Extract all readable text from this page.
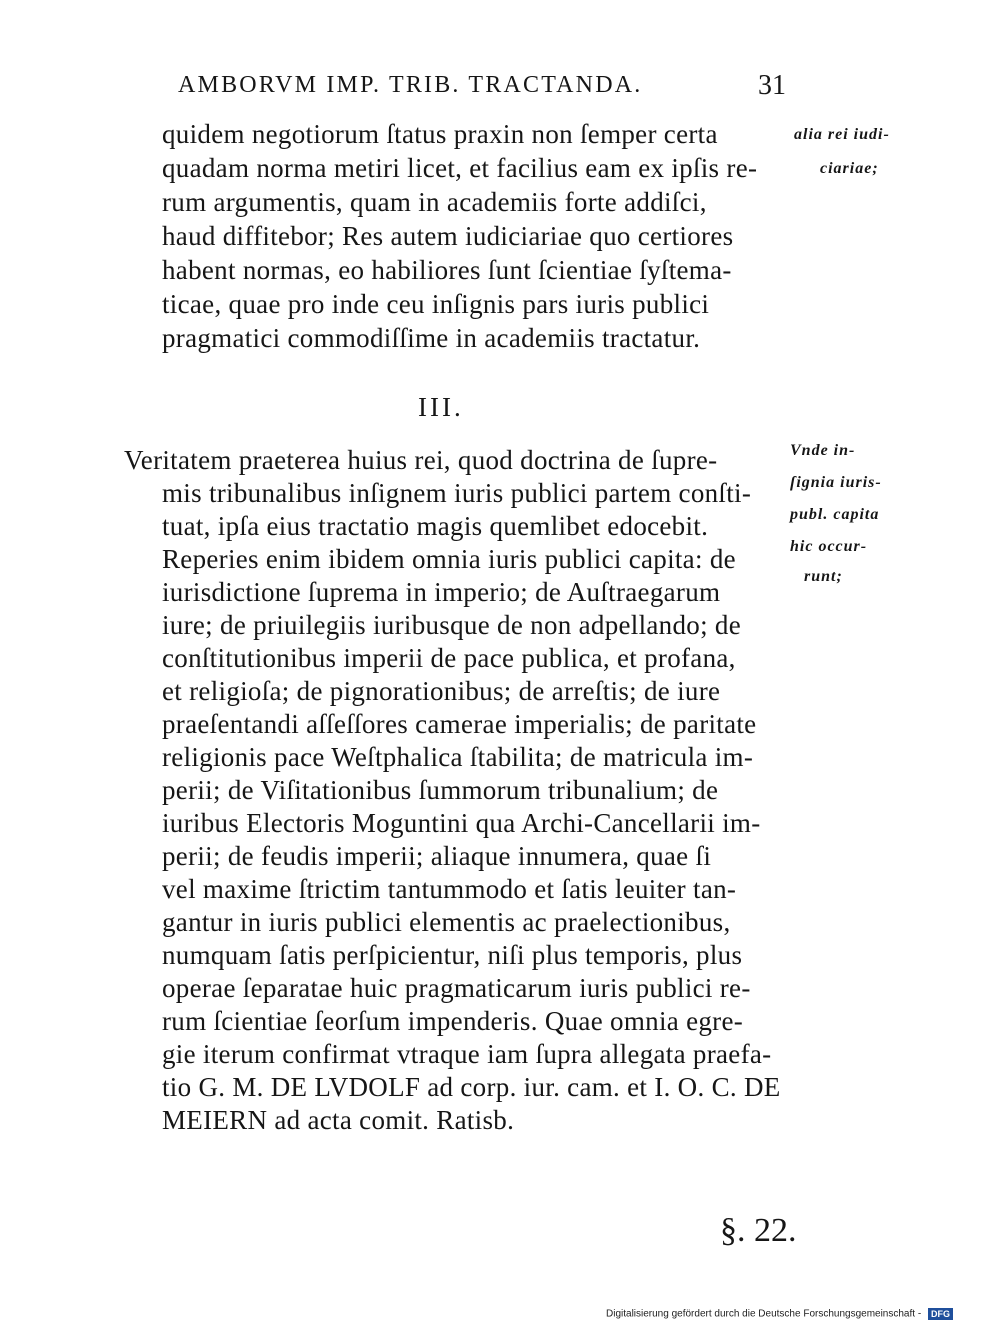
AMBORVM IMP. TRIB. TRACTANDA.	31
quidem negotiorum ſtatus praxin non ſemper certa
quadam norma metiri licet, et facilius eam ex ipſis re-
rum argumentis, quam in academiis forte addiſci,
haud diffitebor; Res autem iudiciariae quo certiores
habent normas, eo habiliores ſunt ſcientiae ſyſtema-
ticae, quae pro inde ceu inſignis pars iuris publici
pragmatici commodiſſime in academiis tractatur.
alia rei iudi-
ciariae;
III.
Veritatem praeterea huius rei, quod doctrina de ſupre-
mis tribunalibus inſignem iuris publici partem conſti-
tuat, ipſa eius tractatio magis quemlibet edocebit.
Reperies enim ibidem omnia iuris publici capita: de
iurisdictione ſuprema in imperio; de Auſtraegarum
iure; de priuilegiis iuribusque de non adpellando; de
conſtitutionibus imperii de pace publica, et profana,
et religioſa; de pignorationibus; de arreſtis; de iure
praeſentandi aſſeſſores camerae imperialis; de paritate
religionis pace Weſtphalica ſtabilita; de matricula im-
perii; de Viſitationibus ſummorum tribunalium; de
iuribus Electoris Moguntini qua Archi-Cancellarii im-
perii; de feudis imperii; aliaque innumera, quae ſi
vel maxime ſtrictim tantummodo et ſatis leuiter tan-
gantur in iuris publici elementis ac praelectionibus,
numquam ſatis perſpicientur, niſi plus temporis, plus
operae ſeparatae huic pragmaticarum iuris publici re-
rum ſcientiae ſeorſum impenderis. Quae omnia egre-
gie iterum confirmat vtraque iam ſupra allegata praefa-
tio G. M. DE LVDOLF ad corp. iur. cam. et I. O. C. DE
MEIERN ad acta comit. Ratisb.
Vnde in-
ſignia iuris-
publ. capita
hic occur-
runt;
§. 22.
Digitalisierung gefördert durch die Deutsche Forschungsgemeinschaft - DFG
